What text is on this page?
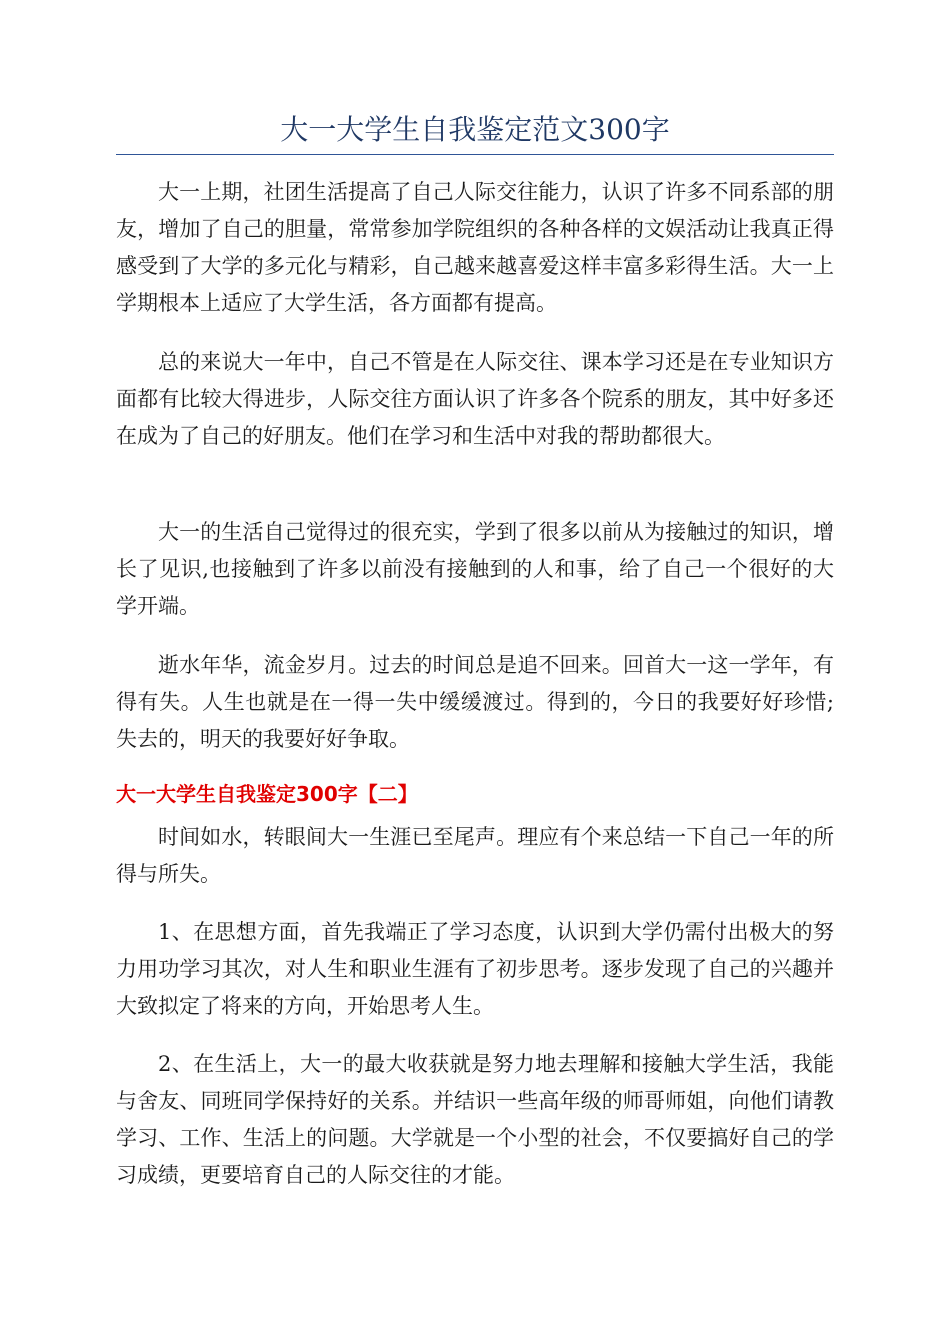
大一大学生自我鉴定范文300字

大一上期，社团生活提高了自己人际交往能力，认识了许多不同系部的朋友，增加了自己的胆量，常常参加学院组织的各种各样的文娱活动让我真正得感受到了大学的多元化与精彩，自己越来越喜爱这样丰富多彩得生活。大一上学期根本上适应了大学生活，各方面都有提高。

总的来说大一年中，自己不管是在人际交往、课本学习还是在专业知识方面都有比较大得进步，人际交往方面认识了许多各个院系的朋友，其中好多还在成为了自己的好朋友。他们在学习和生活中对我的帮助都很大。

大一的生活自己觉得过的很充实，学到了很多以前从为接触过的知识，增长了见识,也接触到了许多以前没有接触到的人和事，给了自己一个很好的大学开端。

逝水年华，流金岁月。过去的时间总是追不回来。回首大一这一学年，有得有失。人生也就是在一得一失中缓缓渡过。得到的，今日的我要好好珍惜;失去的，明天的我要好好争取。

大一大学生自我鉴定300字【二】

时间如水，转眼间大一生涯已至尾声。理应有个来总结一下自己一年的所得与所失。

1、在思想方面，首先我端正了学习态度，认识到大学仍需付出极大的努力用功学习其次，对人生和职业生涯有了初步思考。逐步发现了自己的兴趣并大致拟定了将来的方向，开始思考人生。

2、在生活上，大一的最大收获就是努力地去理解和接触大学生活，我能与舍友、同班同学保持好的关系。并结识一些高年级的师哥师姐，向他们请教学习、工作、生活上的问题。大学就是一个小型的社会，不仅要搞好自己的学习成绩，更要培育自己的人际交往的才能。
